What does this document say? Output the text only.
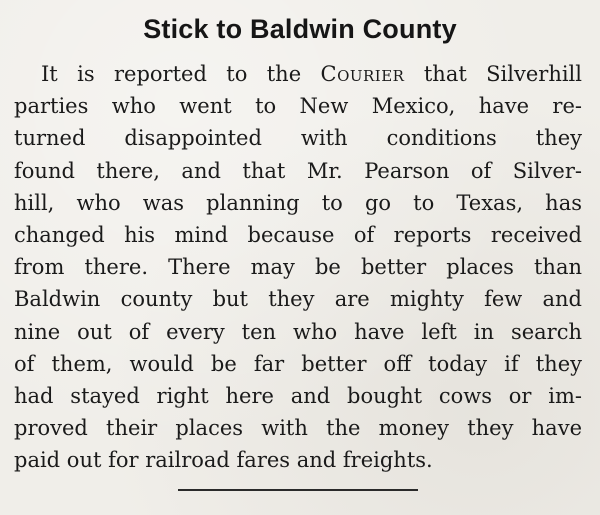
Stick to Baldwin County
It is reported to the Courier that Silverhill
parties who went to New Mexico, have re-
turned disappointed with conditions they
found there, and that Mr. Pearson of Silver-
hill, who was planning to go to Texas, has
changed his mind because of reports received
from there. There may be better places than
Baldwin county but they are mighty few and
nine out of every ten who have left in search
of them, would be far better off today if they
had stayed right here and bought cows or im-
proved their places with the money they have
paid out for railroad fares and freights.
